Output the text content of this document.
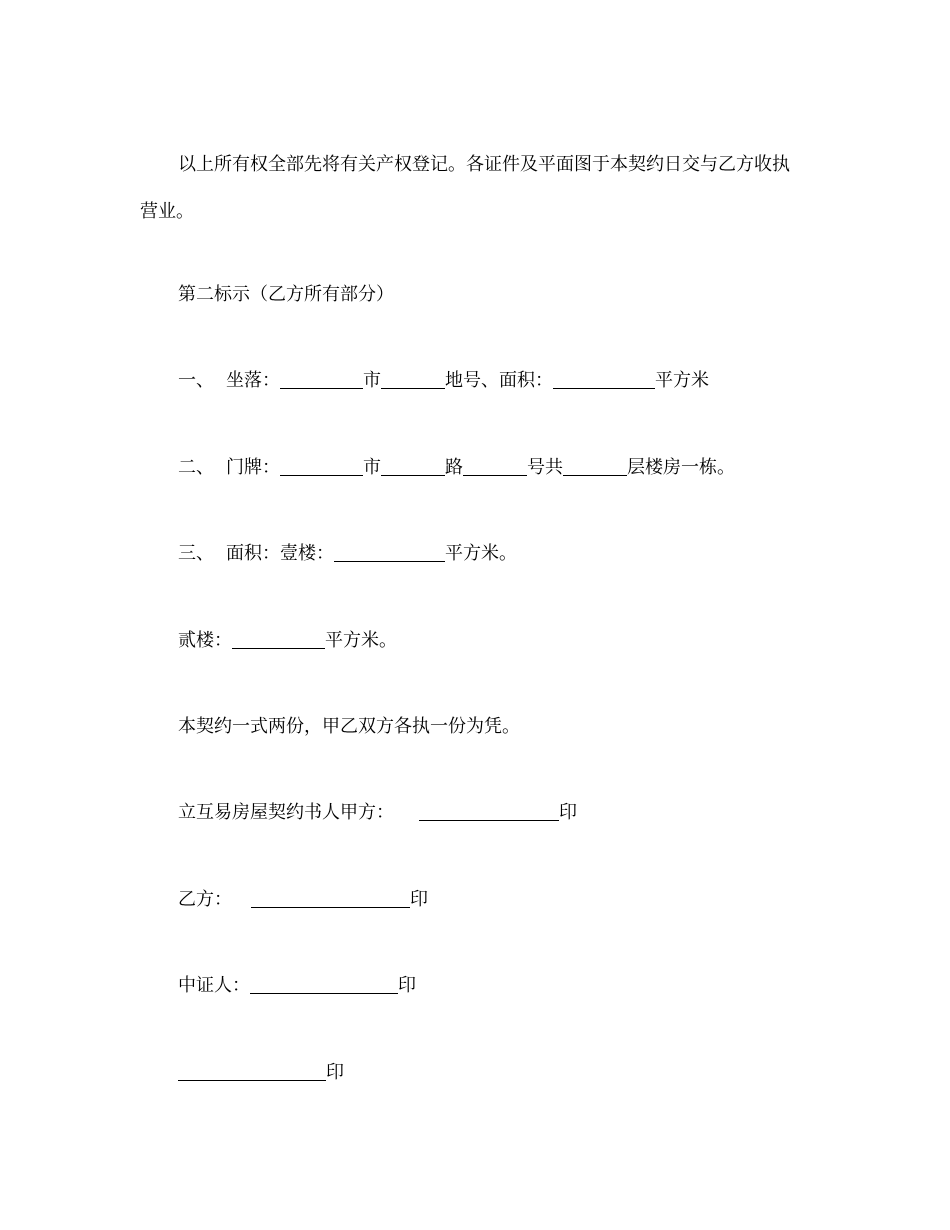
以上所有权全部先将有关产权登记。各证件及平面图于本契约日交与乙方收执
营业。
第二标示（乙方所有部分）
一、 坐落：	市	地号、面积：	平方米
二、 门牌：	市	路	号共	层楼房一栋。
三、 面积：壹楼：	平方米。
贰楼：	平方米。
本契约一式两份，甲乙双方各执一份为凭。
立互易房屋契约书人甲方：	印
乙方：	印
中证人：	印
印
